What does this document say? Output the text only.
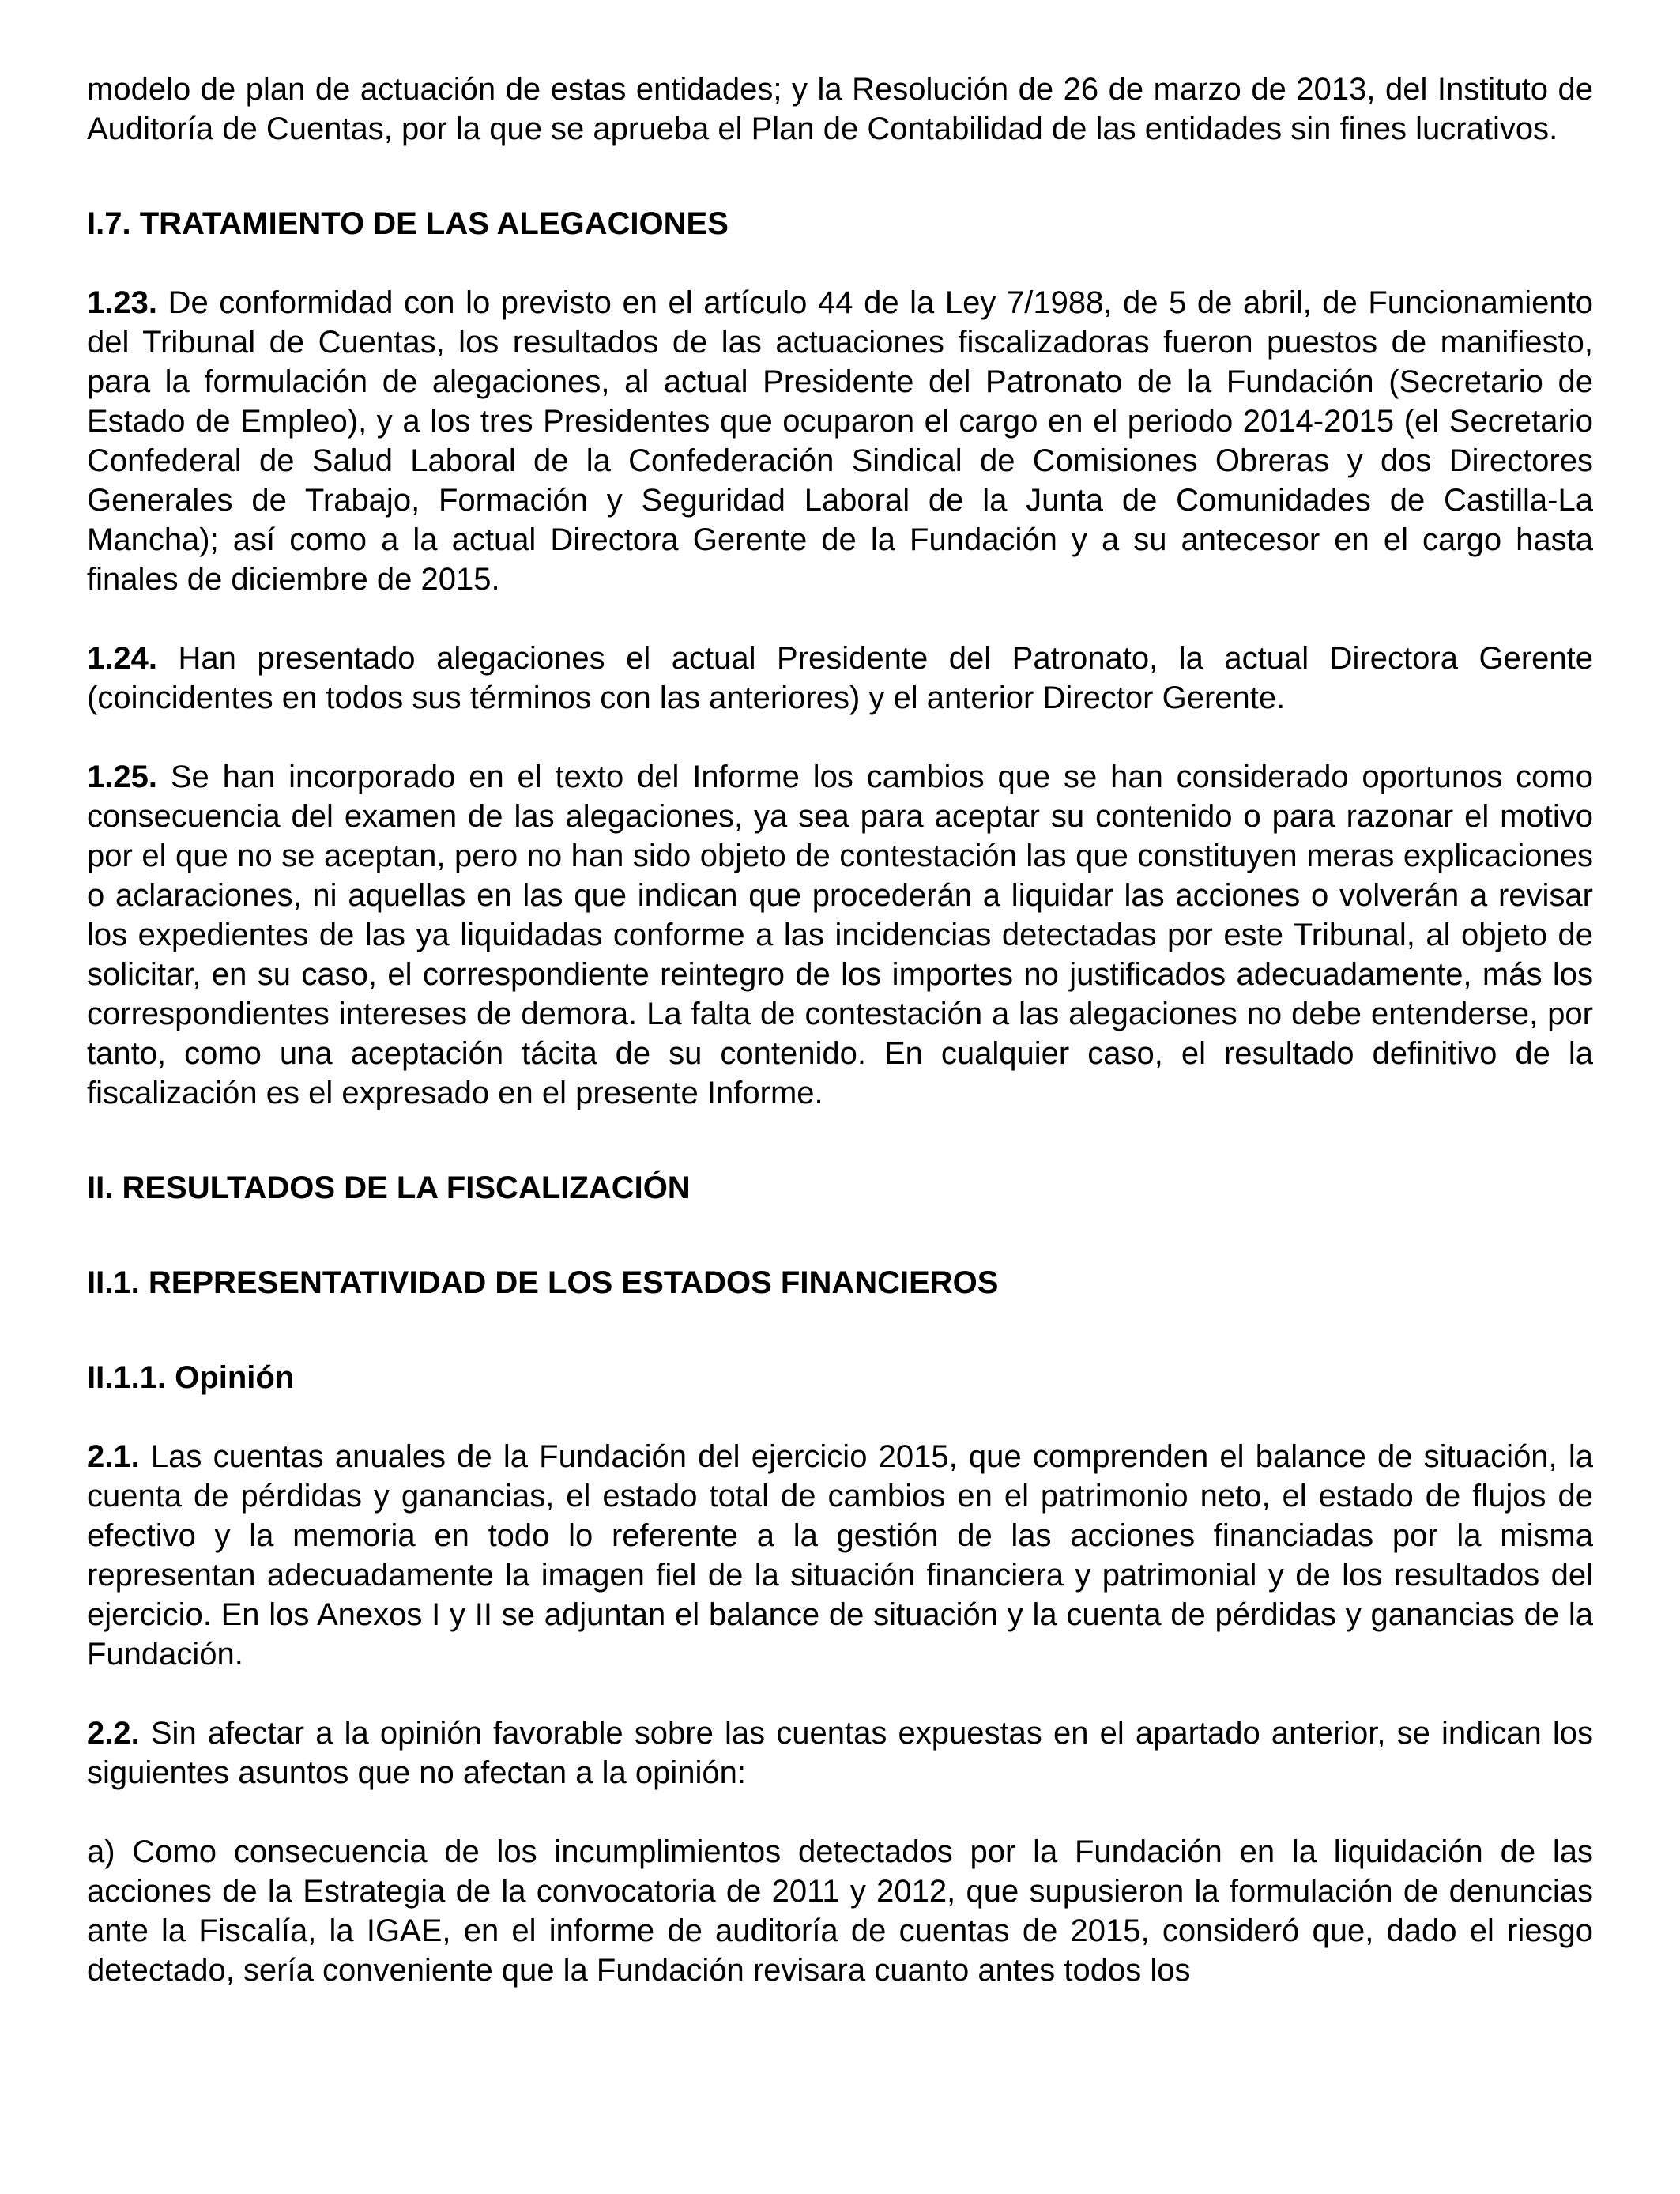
modelo de plan de actuación de estas entidades; y la Resolución de 26 de marzo de 2013, del Instituto de Auditoría de Cuentas, por la que se aprueba el Plan de Contabilidad de las entidades sin fines lucrativos.

I.7. TRATAMIENTO DE LAS ALEGACIONES

1.23. De conformidad con lo previsto en el artículo 44 de la Ley 7/1988, de 5 de abril, de Funcionamiento del Tribunal de Cuentas, los resultados de las actuaciones fiscalizadoras fueron puestos de manifiesto, para la formulación de alegaciones, al actual Presidente del Patronato de la Fundación (Secretario de Estado de Empleo), y a los tres Presidentes que ocuparon el cargo en el periodo 2014-2015 (el Secretario Confederal de Salud Laboral de la Confederación Sindical de Comisiones Obreras y dos Directores Generales de Trabajo, Formación y Seguridad Laboral de la Junta de Comunidades de Castilla-La Mancha); así como a la actual Directora Gerente de la Fundación y a su antecesor en el cargo hasta finales de diciembre de 2015.

1.24. Han presentado alegaciones el actual Presidente del Patronato, la actual Directora Gerente (coincidentes en todos sus términos con las anteriores) y el anterior Director Gerente.

1.25. Se han incorporado en el texto del Informe los cambios que se han considerado oportunos como consecuencia del examen de las alegaciones, ya sea para aceptar su contenido o para razonar el motivo por el que no se aceptan, pero no han sido objeto de contestación las que constituyen meras explicaciones o aclaraciones, ni aquellas en las que indican que procederán a liquidar las acciones o volverán a revisar los expedientes de las ya liquidadas conforme a las incidencias detectadas por este Tribunal, al objeto de solicitar, en su caso, el correspondiente reintegro de los importes no justificados adecuadamente, más los correspondientes intereses de demora. La falta de contestación a las alegaciones no debe entenderse, por tanto, como una aceptación tácita de su contenido. En cualquier caso, el resultado definitivo de la fiscalización es el expresado en el presente Informe.

II. RESULTADOS DE LA FISCALIZACIÓN
II.1. REPRESENTATIVIDAD DE LOS ESTADOS FINANCIEROS
II.1.1. Opinión

2.1. Las cuentas anuales de la Fundación del ejercicio 2015, que comprenden el balance de situación, la cuenta de pérdidas y ganancias, el estado total de cambios en el patrimonio neto, el estado de flujos de efectivo y la memoria en todo lo referente a la gestión de las acciones financiadas por la misma representan adecuadamente la imagen fiel de la situación financiera y patrimonial y de los resultados del ejercicio. En los Anexos I y II se adjuntan el balance de situación y la cuenta de pérdidas y ganancias de la Fundación.

2.2. Sin afectar a la opinión favorable sobre las cuentas expuestas en el apartado anterior, se indican los siguientes asuntos que no afectan a la opinión:

a) Como consecuencia de los incumplimientos detectados por la Fundación en la liquidación de las acciones de la Estrategia de la convocatoria de 2011 y 2012, que supusieron la formulación de denuncias ante la Fiscalía, la IGAE, en el informe de auditoría de cuentas de 2015, consideró que, dado el riesgo detectado, sería conveniente que la Fundación revisara cuanto antes todos los
